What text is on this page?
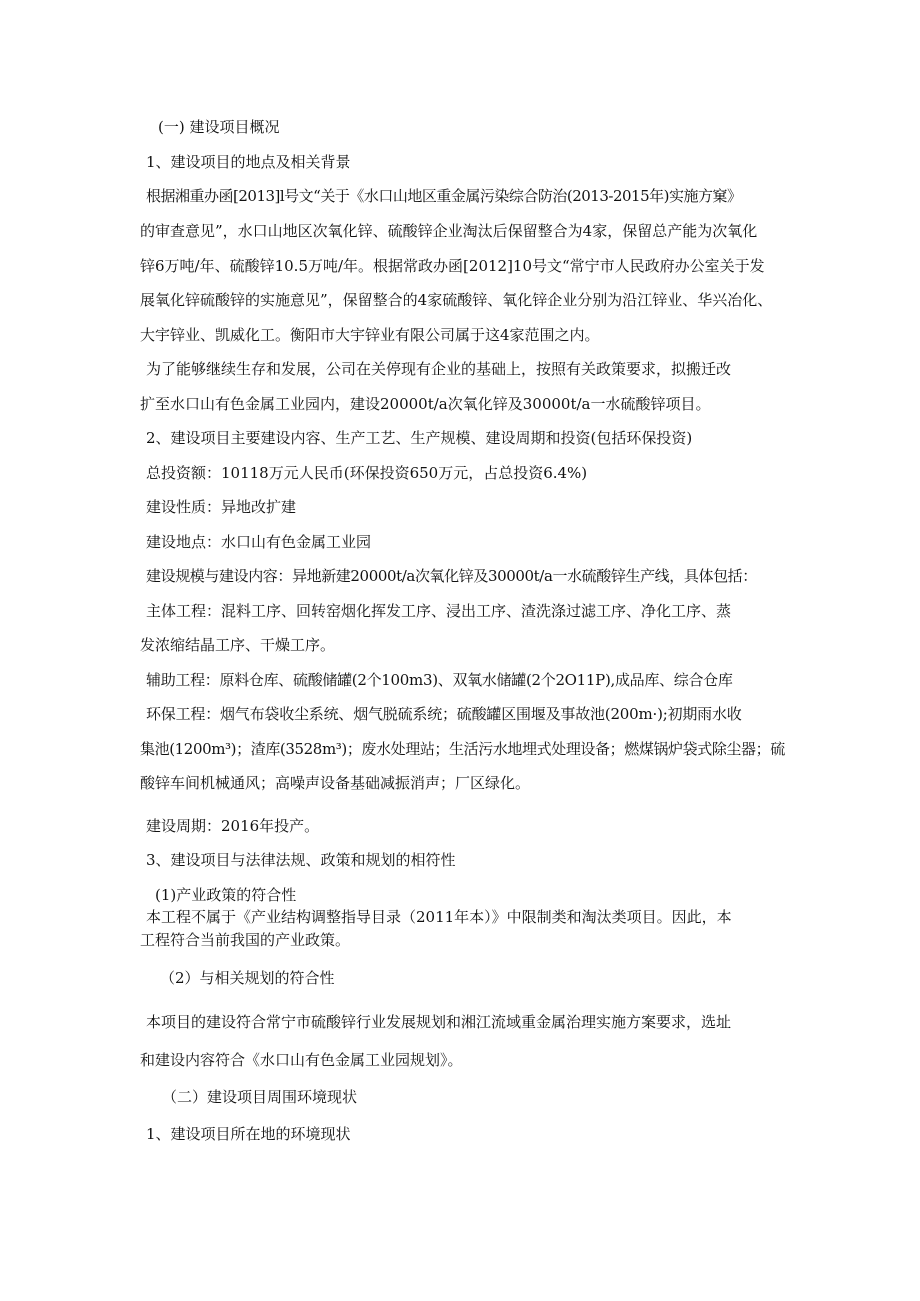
(一) 建设项目概况
1、建设项目的地点及相关背景
根据湘重办函[2013]l号文“关于《水口山地区重金属污染综合防治(2013-2015年)实施方窠》
的审查意见”，水口山地区次氧化锌、硫酸锌企业淘汰后保留整合为4家，保留总产能为次氧化
锌6万吨/年、硫酸锌10.5万吨/年。根据常政办函[2012]10号文“常宁市人民政府办公室关于发
展氧化锌硫酸锌的实施意见”，保留整合的4家硫酸锌、氧化锌企业分别为沿江锌业、华兴冶化、
大宇锌业、凯威化工。衡阳市大宇锌业有限公司属于这4家范围之内。
为了能够继续生存和发展，公司在关停现有企业的基础上，按照有关政策要求，拟搬迁改
扩至水口山有色金属工业园内，建设20000t/a次氧化锌及30000t/a一水硫酸锌项目。
2、建设项目主要建设内容、生产工艺、生产规模、建设周期和投资(包括环保投资)
总投资额：10118万元人民币(环保投资650万元，占总投资6.4%)
建设性质：异地改扩建
建设地点：水口山有色金属工业园
建设规模与建设内容：异地新建20000t/a次氧化锌及30000t/a一水硫酸锌生产线，具体包括：
主体工程：混料工序、回转窑烟化挥发工序、浸出工序、渣洗涤过滤工序、净化工序、蒸
发浓缩结晶工序、干燥工序。
辅助工程：原料仓库、硫酸储罐(2个100m3)、双氧水储罐(2个2O11P),成品库、综合仓库
环保工程：烟气布袋收尘系统、烟气脱硫系统；硫酸罐区围堰及事故池(200m·);初期雨水收
集池(1200m³)；渣库(3528m³)；废水处理站；生活污水地埋式处理设备；燃煤锅炉袋式除尘器；硫
酸锌车间机械通风；高噪声设备基础减振消声；厂区绿化。
建设周期：2016年投产。
3、建设项目与法律法规、政策和规划的相符性
(1)产业政策的符合性
本工程不属于《产业结构调整指导目录（2011年本）》中限制类和淘汰类项目。因此，本
工程符合当前我国的产业政策。
（2）与相关规划的符合性
本项目的建设符合常宁市硫酸锌行业发展规划和湘江流域重金属治理实施方案要求，选址
和建设内容符合《水口山有色金属工业园规划》。
（二）建设项目周围环境现状
1、建设项目所在地的环境现状
